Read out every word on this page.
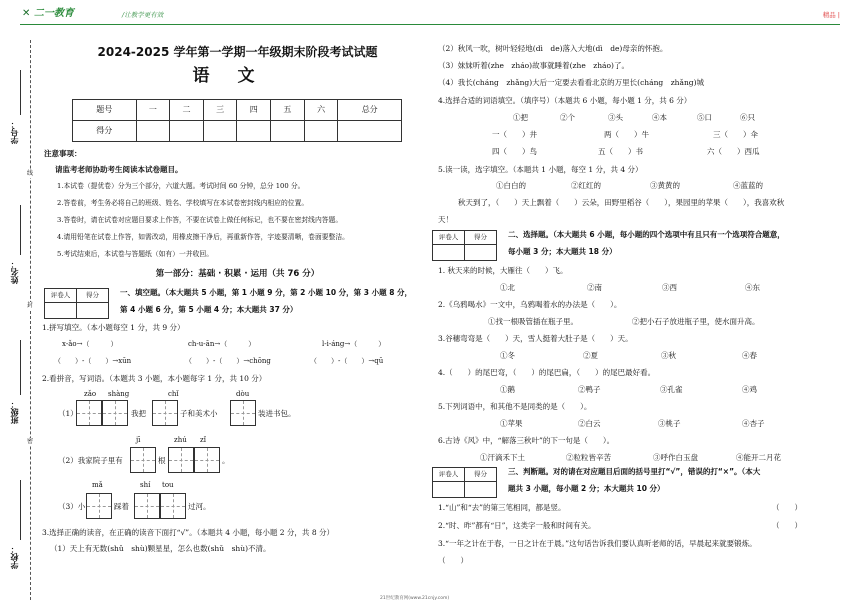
✕ 二一教育	/让教学更有效	精品 |
学号：
姓名：
班级：
学校：
线
封
密
2024-2025 学年第一学期一年级期末阶段考试试题
语文
题号	一	二	三	四	五	六	总分
得分							
注意事项：
请监考老师协助考生阅读本试卷题目。
1.本试卷（提优卷）分为三个部分，六道大题。考试时间 60 分钟，总分 100 分。
2.答卷前，考生务必将自己的班级、姓名、学校填写在本试卷密封线内相应的位置。
3.答卷时，请在试卷对应题目要求上作答，不要在试卷上做任何标记，也不要在密封线内答题。
4.请用铅笔在试卷上作答，如需改动，用橡皮擦干净后，再重新作答，字迹要清晰，卷面要整洁。
5.考试结束后，本试卷与答题纸（如有）一并收回。
第一部分：基础 · 积累 · 运用（共 76 分）
评卷人	得分
		一、填空题。（本大题共 5 小题，第 1 小题 9 分，第 2 小题 10 分，第 3 小题 8 分，
第 4 小题 6 分，第 5 小题 4 分；本大题共 37 分）
1.拼写填空。（本小题每空 1 分，共 9 分）
x-ǎo→（　　　）	ch-u-ān→（　　　）	l-i-áng→（　　　）
（　　）-（　　）→xūn	（　　）-（　　）→chōng	（　　）-（　　）→qū
2.看拼音，写词语。（本题共 3 小题，本小题每字 1 分，共 10 分）
zǎo shàng	chǐ	dòu
（1）	我把	子和美术小	装进书包。
jī	zhú zǐ
（2）我家院子里有	根	。
mǎ	shí tou
（3）小	踩着	过河。
3.选择正确的读音，在正确的读音下面打“√”。（本题共 4 小题，每小题 2 分，共 8 分）
（1）天上有无数(shǔ　shù)颗星星，怎么也数(shǔ　shù)不清。
（2）秋风一吹，树叶轻轻地(dì　de)落入大地(dì　de)母亲的怀抱。
（3）妹妹听着(zhe　zháo)故事就睡着(zhe　zháo)了。
（4）我长(cháng　zhǎng)大后一定要去看看北京的万里长(cháng　zhǎng)城
4.选择合适的词语填空。（填序号）（本题共 6 小题，每小题 1 分，共 6 分）
①把	②个	③头	④本	⑤口	⑥只
一（　　）井	两（　　）牛	三（　　）伞
四（　　）鸟	五（　　）书	六（　　）西瓜
5.读一读，选字填空。（本题共 1 小题，每空 1 分，共 4 分）
①白白的	②红红的	③黄黄的	④蓝蓝的
秋天到了，（　　）天上飘着（　　）云朵，田野里稻谷（　　），果园里的苹果（　　），我喜欢秋
天！
评卷人	得分
		二、选择题。（本大题共 6 小题，每小题的四个选项中有且只有一个选项符合题意，
每小题 3 分；本大题共 18 分）
1. 秋天来的时候，大雁往（　　）飞。
①北	②南	③西	④东
2.《乌鸦喝水》一文中，乌鸦喝着水的办法是（　　）。
①找一根吸管插在瓶子里。	②把小石子放进瓶子里，使水面升高。
3.谷穗弯弯是（　　）天，雪人挺着大肚子是（　　）天。
①冬	②夏	③秋	④春
4.（　　）的尾巴弯，（　　）的尾巴扁，（　　）的尾巴最好看。
①鹅	②鸭子	③孔雀	④鸡
5.下列词语中，和其他不是同类的是（　　）。
①苹果	②白云	③桃子	④杏子
6.古诗《风》中，“解落三秋叶”的下一句是（　　）。
①汗滴禾下土	②粒粒皆辛苦	③呼作白玉盘	④能开二月花
评卷人	得分
		三、判断题。对的请在对应题目后面的括号里打“√”，错误的打“×”。（本大
题共 3 小题，每小题 2 分；本大题共 10 分）
1.“山”和“去”的第三笔相同，都是竖。	（　　）
2.“时、昨”都有“日”，这类字一般和时间有关。	（　　）
3.“一年之计在于春，一日之计在于晨。”这句话告诉我们要认真听老师的话，早晨起来就要锻炼。
（　　）
21世纪教育网(www.21cnjy.com)
